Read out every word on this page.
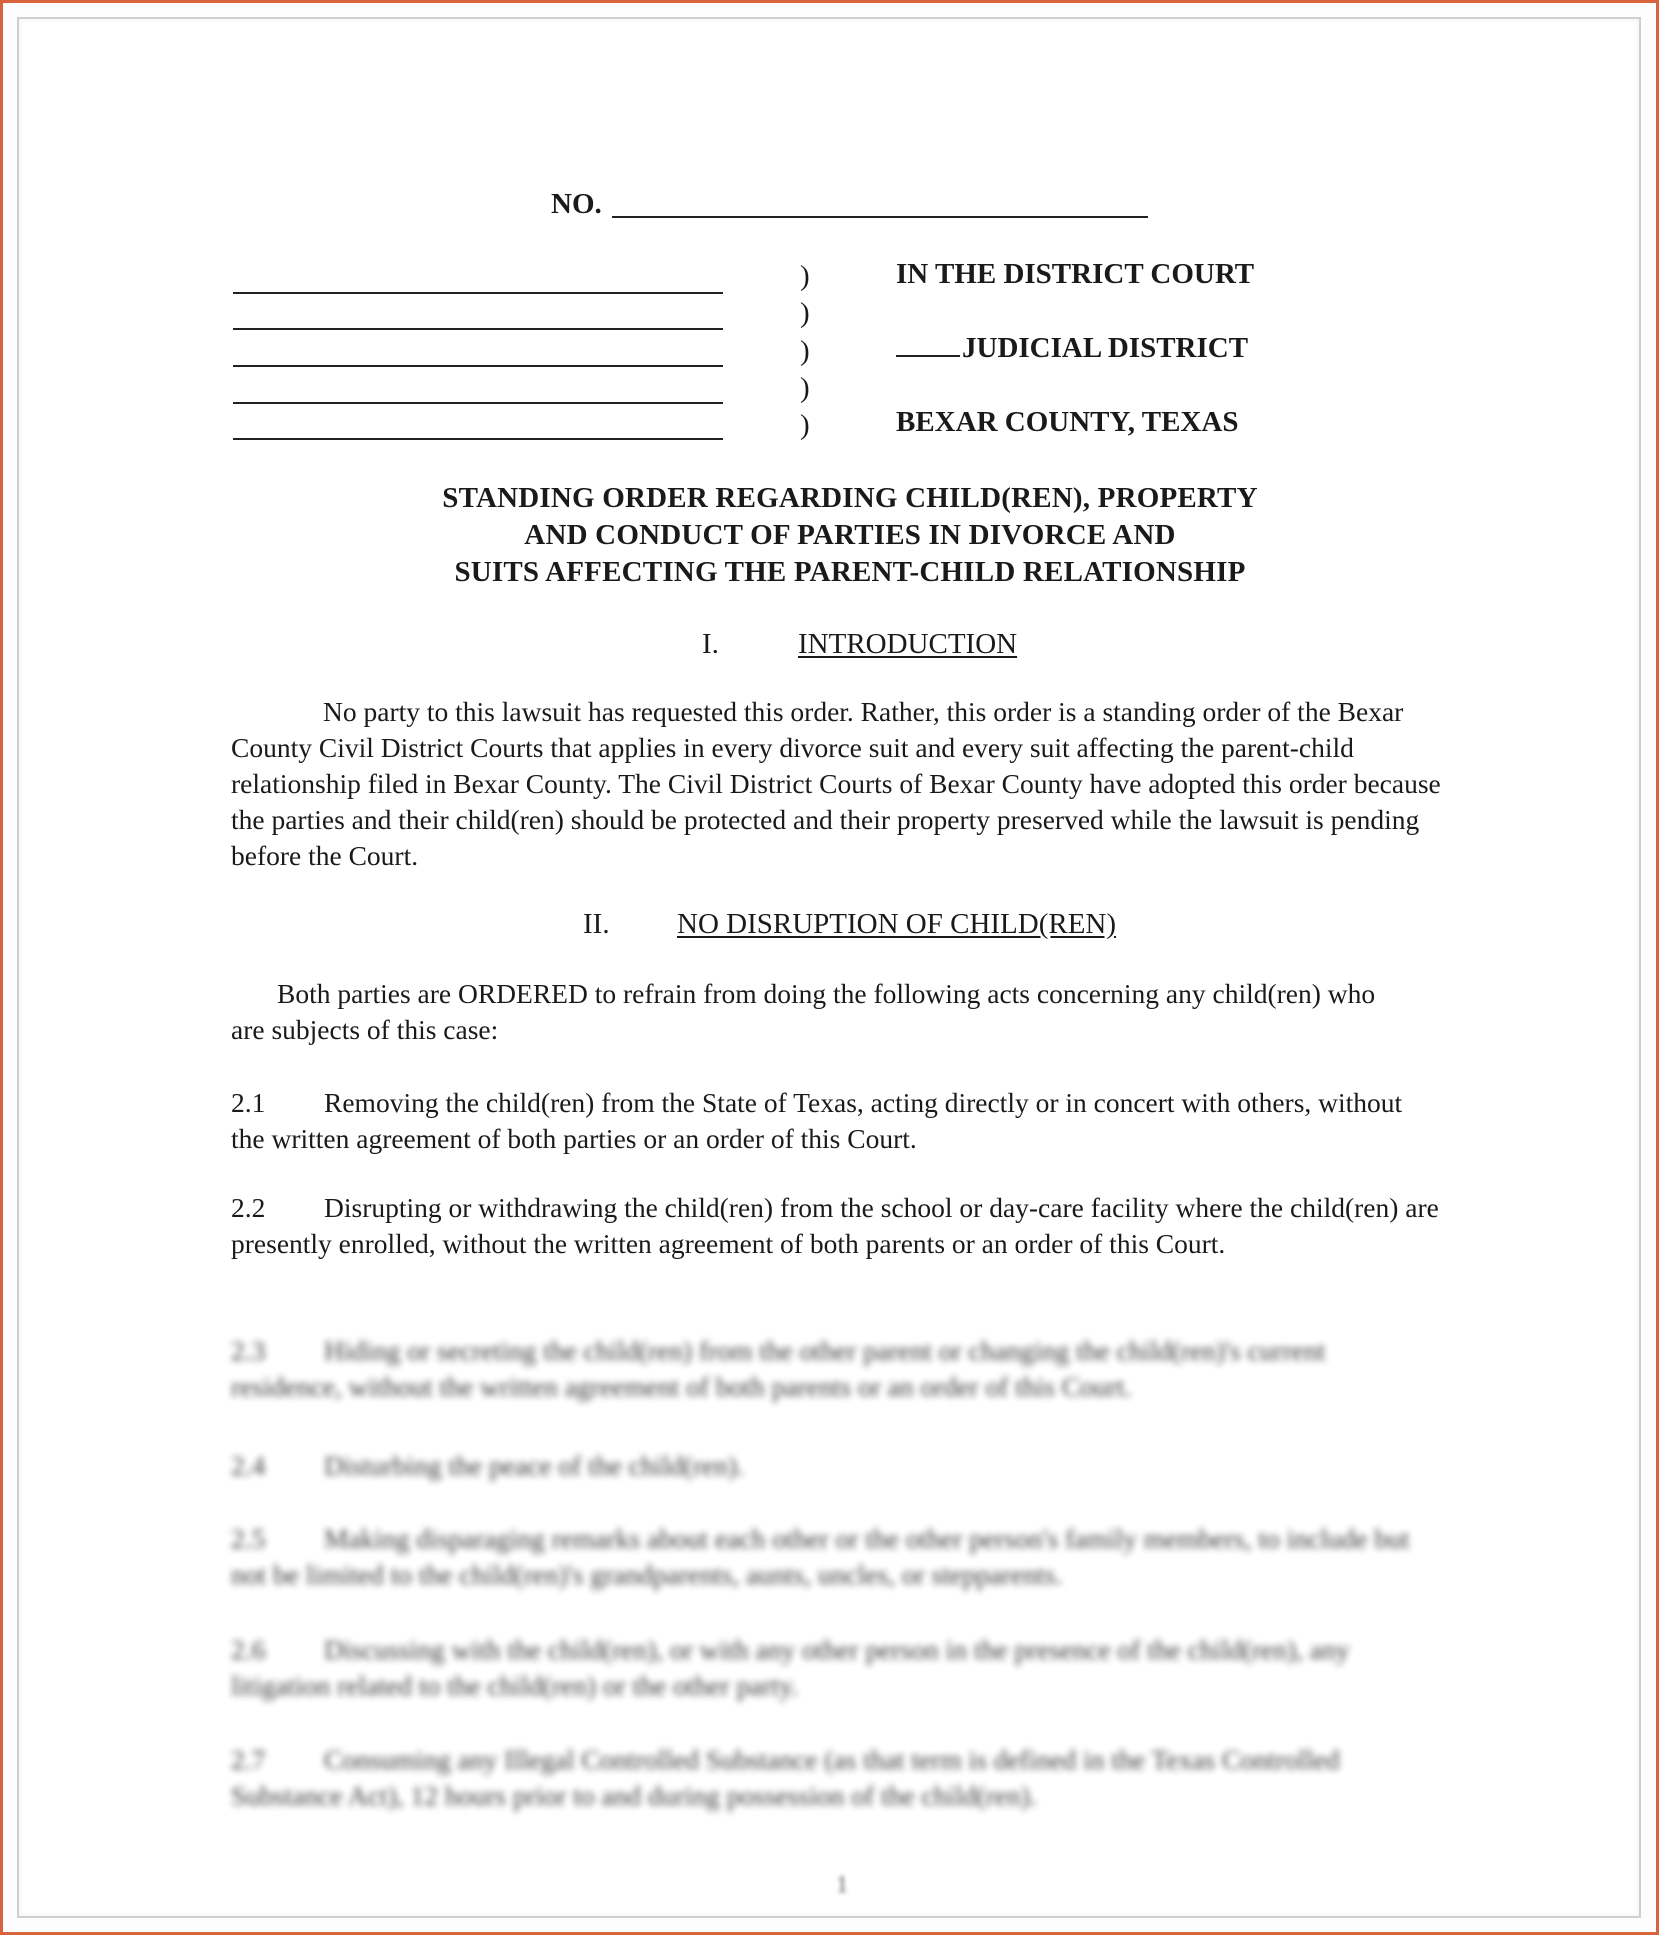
NO.
)
)
)
)
)
IN THE DISTRICT COURT
JUDICIAL DISTRICT
BEXAR COUNTY, TEXAS
STANDING ORDER REGARDING CHILD(REN), PROPERTY
AND CONDUCT OF PARTIES IN DIVORCE AND
SUITS AFFECTING THE PARENT-CHILD RELATIONSHIP
I.	INTRODUCTION
No party to this lawsuit has requested this order. Rather, this order is a standing order of the Bexar County Civil District Courts that applies in every divorce suit and every suit affecting the parent-child relationship filed in Bexar County. The Civil District Courts of Bexar County have adopted this order because the parties and their child(ren) should be protected and their property preserved while the lawsuit is pending before the Court.
II. NO DISRUPTION OF CHILD(REN)
Both parties are ORDERED to refrain from doing the following acts concerning any child(ren) who are subjects of this case:
2.1 Removing the child(ren) from the State of Texas, acting directly or in concert with others, without the written agreement of both parties or an order of this Court.
2.2 Disrupting or withdrawing the child(ren) from the school or day-care facility where the child(ren) are presently enrolled, without the written agreement of both parents or an order of this Court.
2.3 Hiding or secreting the child(ren) from the other parent or changing the child(ren)'s current residence, without the written agreement of both parents or an order of this Court.
2.4 Disturbing the peace of the child(ren).
2.5 Making disparaging remarks about each other or the other person's family members, to include but not be limited to the child(ren)'s grandparents, aunts, uncles, or stepparents.
2.6 Discussing with the child(ren), or with any other person in the presence of the child(ren), any litigation related to the child(ren) or the other party.
2.7 Consuming any Illegal Controlled Substance (as that term is defined in the Texas Controlled Substance Act), 12 hours prior to and during possession of the child(ren).
1
